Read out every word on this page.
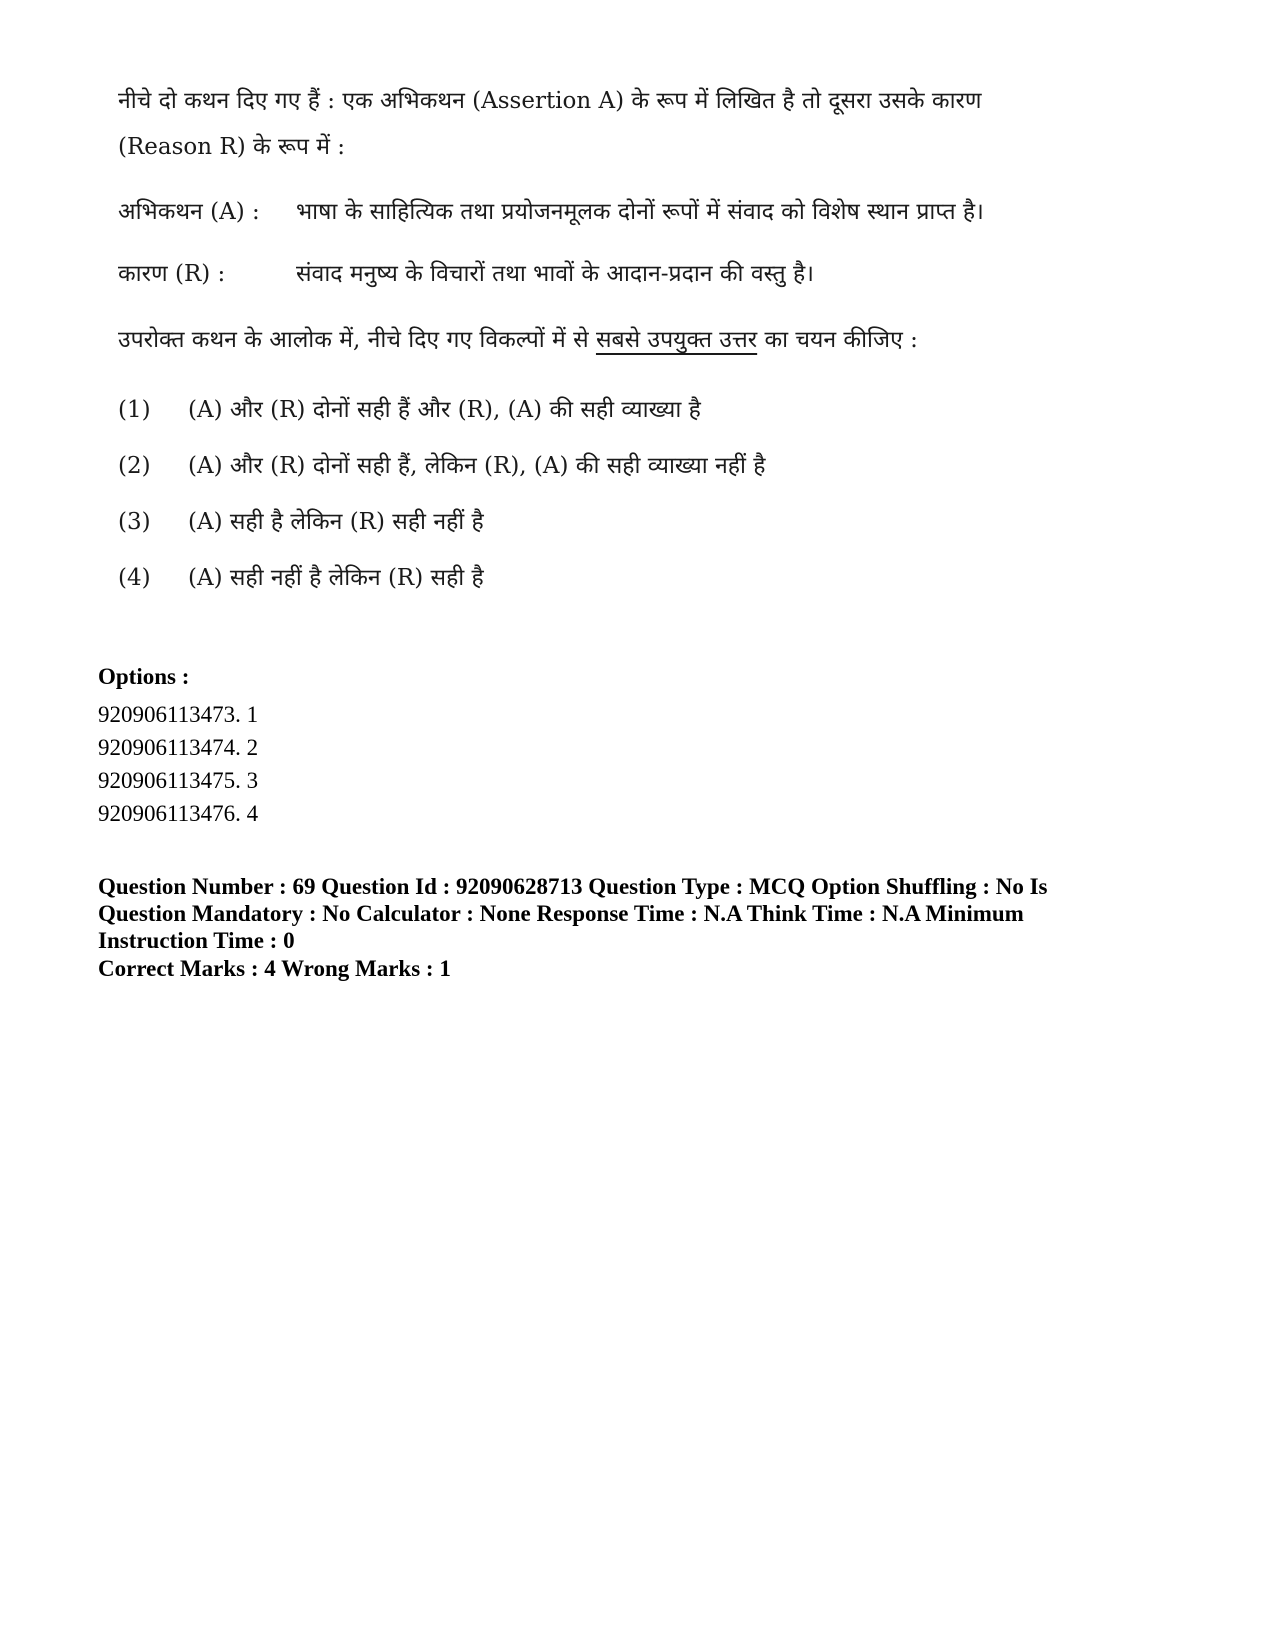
नीचे दो कथन दिए गए हैं : एक अभिकथन (Assertion A) के रूप में लिखित है तो दूसरा उसके कारण (Reason R) के रूप में :

अभिकथन (A) :	भाषा के साहित्यिक तथा प्रयोजनमूलक दोनों रूपों में संवाद को विशेष स्थान प्राप्त है।
कारण (R) :	संवाद मनुष्य के विचारों तथा भावों के आदान-प्रदान की वस्तु है।
उपरोक्त कथन के आलोक में, नीचे दिए गए विकल्पों में से सबसे उपयुक्त उत्तर का चयन कीजिए :
(1)	(A) और (R) दोनों सही हैं और (R), (A) की सही व्याख्या है
(2)	(A) और (R) दोनों सही हैं, लेकिन (R), (A) की सही व्याख्या नहीं है
(3)	(A) सही है लेकिन (R) सही नहीं है
(4)	(A) सही नहीं है लेकिन (R) सही है
Options :
920906113473. 1
920906113474. 2
920906113475. 3
920906113476. 4
Question Number : 69 Question Id : 92090628713 Question Type : MCQ Option Shuffling : No Is
Question Mandatory : No Calculator : None Response Time : N.A Think Time : N.A Minimum
Instruction Time : 0
Correct Marks : 4 Wrong Marks : 1
